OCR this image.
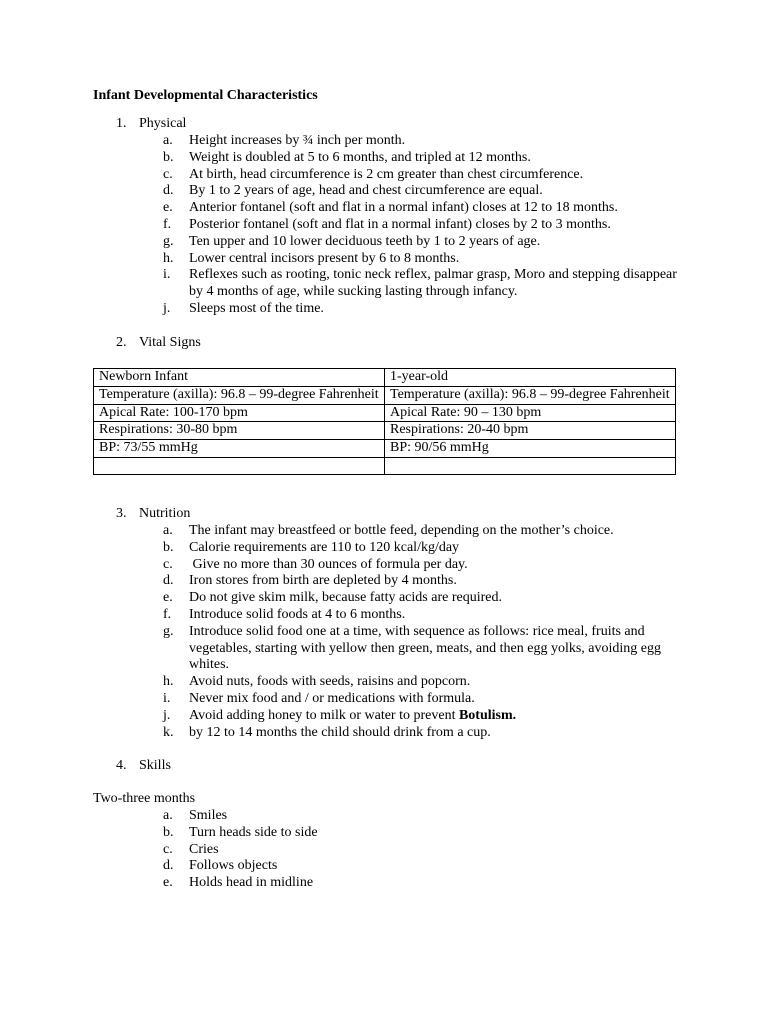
Infant Developmental Characteristics
1. Physical
a.	Height increases by ¾ inch per month.
b.	Weight is doubled at 5 to 6 months, and tripled at 12 months.
c.	At birth, head circumference is 2 cm greater than chest circumference.
d.	By 1 to 2 years of age, head and chest circumference are equal.
e.	Anterior fontanel (soft and flat in a normal infant) closes at 12 to 18 months.
f.	Posterior fontanel (soft and flat in a normal infant) closes by 2 to 3 months.
g.	Ten upper and 10 lower deciduous teeth by 1 to 2 years of age.
h.	Lower central incisors present by 6 to 8 months.
i.	Reflexes such as rooting, tonic neck reflex, palmar grasp, Moro and stepping disappear by 4 months of age, while sucking lasting through infancy.
j.	Sleeps most of the time.
2. Vital Signs
Newborn Infant	1-year-old
Temperature (axilla): 96.8 – 99-degree Fahrenheit	Temperature (axilla): 96.8 – 99-degree Fahrenheit
Apical Rate: 100-170 bpm	Apical Rate: 90 – 130 bpm
Respirations: 30-80 bpm	Respirations: 20-40 bpm
BP: 73/55 mmHg	BP: 90/56 mmHg

3. Nutrition
a.	The infant may breastfeed or bottle feed, depending on the mother’s choice.
b.	Calorie requirements are 110 to 120 kcal/kg/day
c.	Give no more than 30 ounces of formula per day.
d.	Iron stores from birth are depleted by 4 months.
e.	Do not give skim milk, because fatty acids are required.
f.	Introduce solid foods at 4 to 6 months.
g.	Introduce solid food one at a time, with sequence as follows: rice meal, fruits and vegetables, starting with yellow then green, meats, and then egg yolks, avoiding egg whites.
h.	Avoid nuts, foods with seeds, raisins and popcorn.
i.	Never mix food and / or medications with formula.
j.	Avoid adding honey to milk or water to prevent Botulism.
k.	by 12 to 14 months the child should drink from a cup.
4. Skills
Two-three months
a.	Smiles
b.	Turn heads side to side
c.	Cries
d.	Follows objects
e.	Holds head in midline
